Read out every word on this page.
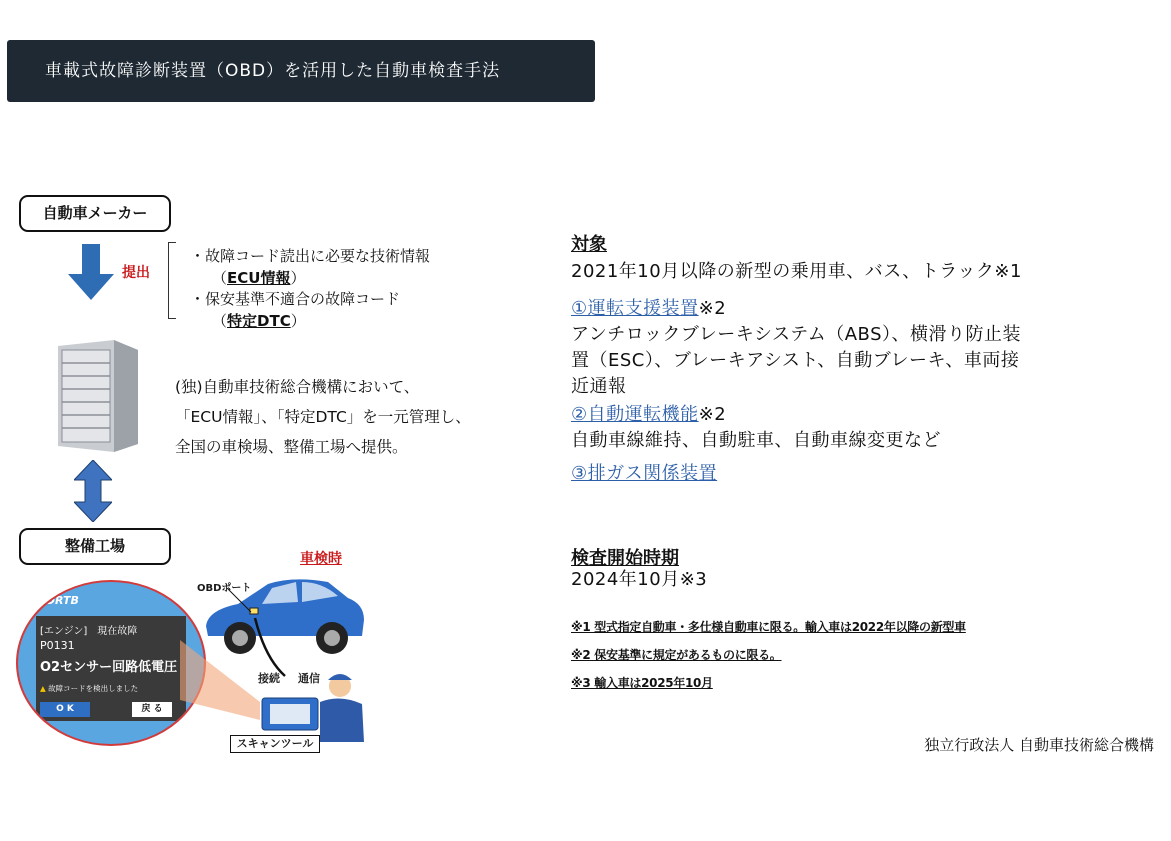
車載式故障診断装置（OBD）を活用した自動車検査手法
自動車メーカー
提出
・故障コード読出に必要な技術情報
（ECU情報）
・保安基準不適合の故障コード
（特定DTC）
(独)自動車技術総合機構において、
「ECU情報」、「特定DTC」を一元管理し、
全国の車検場、整備工場へ提供。
整備工場
SDRTB
[エンジン]　現在故障
P0131
O2センサー回路低電圧
▲ 故障コードを検出しました
O K	戻 る
車検時
OBDポート
接続 通信
スキャンツール
対象
2021年10月以降の新型の乗用車、バス、トラック※1
①運転支援装置※2
アンチロックブレーキシステム（ABS）、横滑り防止装
置（ESC）、ブレーキアシスト、自動ブレーキ、車両接
近通報
②自動運転機能※2
自動車線維持、自動駐車、自動車線変更など
③排ガス関係装置
検査開始時期
2024年10月※3
※1 型式指定自動車・多仕様自動車に限る。輸入車は2022年以降の新型車
※2 保安基準に規定があるものに限る。
※3 輸入車は2025年10月
独立行政法人 自動車技術総合機構
